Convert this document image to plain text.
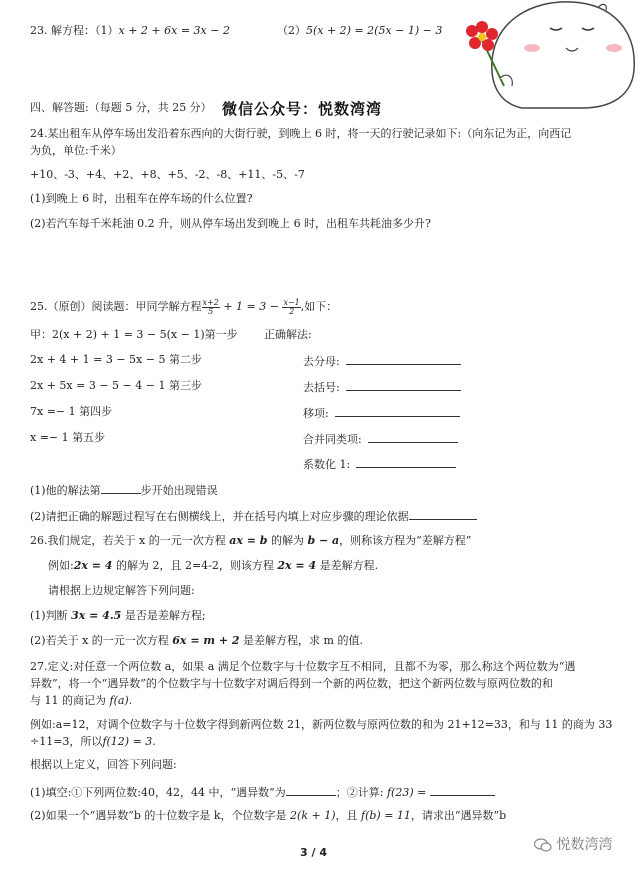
23. 解方程：（1）x + 2 + 6x = 3x − 2	（2）5(x + 2) = 2(5x − 1) − 3
四、解答题:（每题 5 分，共 25 分） 微信公众号：悦数湾湾
24.某出租车从停车场出发沿着东西向的大街行驶，到晚上 6 时，将一天的行驶记录如下:（向东记为正，向西记
为负，单位:千米）
+10、-3、+4、+2、+8、+5、-2、-8、+11、-5、-7
(1)到晚上 6 时，出租车在停车场的什么位置?
(2)若汽车每千米耗油 0.2 升，则从停车场出发到晚上 6 时，出租车共耗油多少升?
25.（原创）阅读题：甲同学解方程 $\frac{x+2}{5} + 1 = 3 - \frac{x-1}{2}$ ,如下：
甲：2(x + 2) + 1 = 3 − 5(x − 1)第一步 正确解法:
2x + 4 + 1 = 3 − 5x − 5 第二步
2x + 5x = 3 − 5 − 4 − 1 第三步
7x =− 1 第四步
x =− 1 第五步
去分母:
去括号:
移项:
合并同类项:
系数化 1:
(1)他的解法第	步开始出现错误
(2)请把正确的解题过程写在右侧横线上，并在括号内填上对应步骤的理论依据
26.我们规定，若关于 x 的一元一次方程 ax = b 的解为 b − a，则称该方程为“差解方程”
例如:2x = 4 的解为 2，且 2=4-2，则该方程 2x = 4 是差解方程.
请根据上边规定解答下列问题:
(1)判断 3x = 4.5 是否是差解方程;
(2)若关于 x 的一元一次方程 6x = m + 2 是差解方程，求 m 的值.
27.定义:对任意一个两位数 a，如果 a 满足个位数字与十位数字互不相同，且都不为零，那么称这个两位数为“遇
异数”，将一个“遇异数”的个位数字与十位数字对调后得到一个新的两位数，把这个新两位数与原两位数的和
与 11 的商记为 f(a).
例如:a=12，对调个位数字与十位数字得到新两位数 21，新两位数与原两位数的和为 21+12=33，和与 11 的商为 33
÷11=3，所以f(12) = 3.
根据以上定义，回答下列问题:
(1)填空:①下列两位数:40，42，44 中，“遇异数”为	；②计算: f(23) =
(2)如果一个“遇异数”b 的十位数字是 k，个位数字是 2(k + 1)，且 f(b) = 11，请求出“遇异数”b
3 / 4	悦数湾湾
